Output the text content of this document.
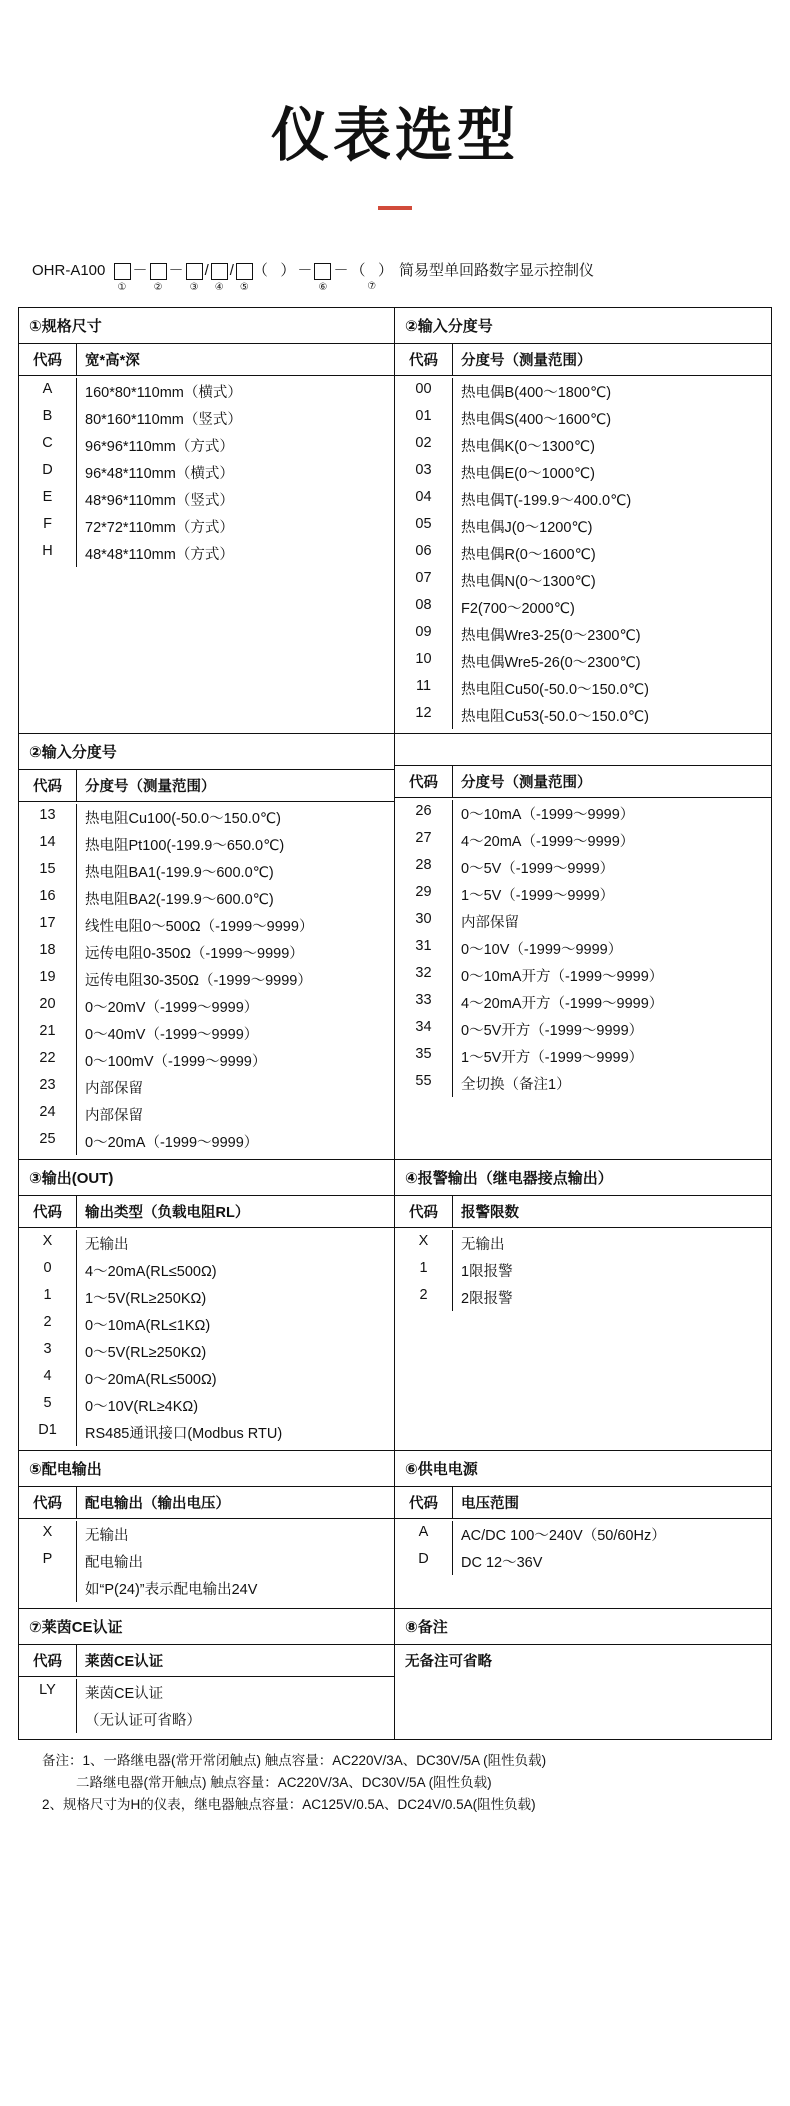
仪表选型
OHR-A100

①
－
②
－
③
/
④
/
⑤
（   ） －
⑥
－ （   ）
⑦
简易型单回路数字显示控制仪
①规格尺寸
代码	宽*高*深
A	160*80*110mm（横式）
B	80*160*110mm（竖式）
C	96*96*110mm（方式）
D	96*48*110mm（横式）
E	48*96*110mm（竖式）
F	72*72*110mm（方式）
H	48*48*110mm（方式）
②输入分度号
代码	分度号（测量范围）
00	热电偶B(400～1800℃)
01	热电偶S(400～1600℃)
02	热电偶K(0～1300℃)
03	热电偶E(0～1000℃)
04	热电偶T(-199.9～400.0℃)
05	热电偶J(0～1200℃)
06	热电偶R(0～1600℃)
07	热电偶N(0～1300℃)
08	F2(700～2000℃)
09	热电偶Wre3-25(0～2300℃)
10	热电偶Wre5-26(0～2300℃)
11	热电阻Cu50(-50.0～150.0℃)
12	热电阻Cu53(-50.0～150.0℃)
②输入分度号
代码	分度号（测量范围）
13	热电阻Cu100(-50.0～150.0℃)
14	热电阻Pt100(-199.9～650.0℃)
15	热电阻BA1(-199.9～600.0℃)
16	热电阻BA2(-199.9～600.0℃)
17	线性电阻0～500Ω（-1999～9999）
18	远传电阻0-350Ω（-1999～9999）
19	远传电阻30-350Ω（-1999～9999）
20	0～20mV（-1999～9999）
21	0～40mV（-1999～9999）
22	0～100mV（-1999～9999）
23	内部保留
24	内部保留
25	0～20mA（-1999～9999）

代码	分度号（测量范围）
26	0～10mA（-1999～9999）
27	4～20mA（-1999～9999）
28	0～5V（-1999～9999）
29	1～5V（-1999～9999）
30	内部保留
31	0～10V（-1999～9999）
32	0～10mA开方（-1999～9999）
33	4～20mA开方（-1999～9999）
34	0～5V开方（-1999～9999）
35	1～5V开方（-1999～9999）
55	全切换（备注1）
③输出(OUT)
代码	输出类型（负载电阻RL）
X	无输出
0	4～20mA(RL≤500Ω)
1	1～5V(RL≥250KΩ)
2	0～10mA(RL≤1KΩ)
3	0～5V(RL≥250KΩ)
4	0～20mA(RL≤500Ω)
5	0～10V(RL≥4KΩ)
D1	RS485通讯接口(Modbus RTU)
④报警输出（继电器接点输出）
代码	报警限数
X	无输出
1	1限报警
2	2限报警
⑤配电输出
代码	配电输出（输出电压）
X	无输出
P	配电输出
如“P(24)”表示配电输出24V
⑥供电电源
代码	电压范围
A	AC/DC 100～240V（50/60Hz）
D	DC 12～36V
⑦莱茵CE认证
代码	莱茵CE认证
LY	莱茵CE认证
（无认证可省略）
⑧备注
无备注可省略
备注：1、一路继电器(常开常闭触点) 触点容量：AC220V/3A、DC30V/5A (阻性负载)
二路继电器(常开触点) 触点容量：AC220V/3A、DC30V/5A (阻性负载)
2、规格尺寸为H的仪表，继电器触点容量：AC125V/0.5A、DC24V/0.5A(阻性负载)
